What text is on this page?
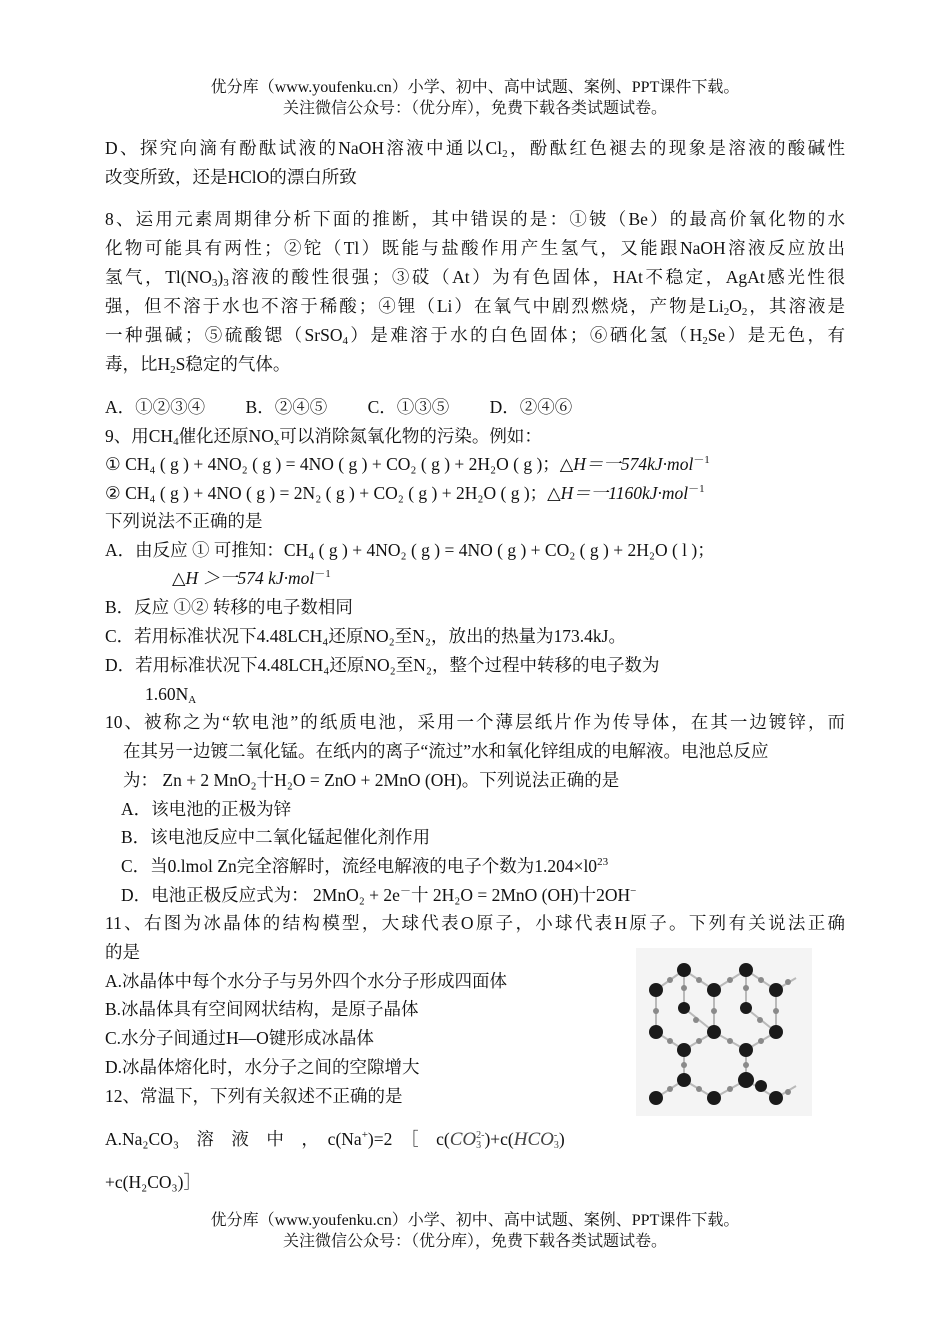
优分库（www.youfenku.cn）小学、初中、高中试题、案例、PPT课件下载。
关注微信公众号：（优分库），免费下载各类试题试卷。
D、探究向滴有酚酞试液的NaOH溶液中通以$Cl_2$，酚酞红色褪去的现象是溶液的酸碱性
改变所致，还是HClO的漂白所致
8、运用元素周期律分析下面的推断，其中错误的是：①铍（Be）的最高价氧化物的水
化物可能具有两性；②铊（Tl）既能与盐酸作用产生氢气，又能跟NaOH溶液反应放出
氢气，$Tl(NO_3)_3$溶液的酸性很强；③砹（At）为有色固体，HAt不稳定，AgAt感光性很
强，但不溶于水也不溶于稀酸；④锂（Li）在氧气中剧烈燃烧，产物是$Li_2O_2$，其溶液是
一种强碱；⑤硫酸锶（SrSO$_4$）是难溶于水的白色固体；⑥硒化氢$(H_2Se)$是无色，有
毒，比$H_2S$稳定的气体。
A．①②③④ B．②④⑤ C．①③⑤ D．②④⑥
9、用$CH_4$催化还原$NO_x$可以消除氮氧化物的污染。例如：
① CH₄ ( g ) + 4NO₂ ( g ) = 4NO ( g ) + CO₂ ( g ) + 2H₂O ( g )；△H＝一574kJ·mol$^{-1}$
② CH₄ ( g ) + 4NO ( g ) = 2N₂ ( g ) + CO₂ ( g ) + 2H₂O ( g )；△H＝一1160kJ·mol$^{-1}$
下列说法不正确的是
A．由反应 ① 可推知：CH₄ ( g ) + 4NO₂ ( g ) = 4NO ( g ) + CO₂ ( g ) + 2H₂O ( l )；
△H ＞一574 kJ·mol$^{-1}$
B．反应 ①② 转移的电子数相同
C．若用标准状况下4.48LCH₄还原NO₂至N₂，放出的热量为173.4kJ。
D．若用标准状况下4.48LCH₄还原NO₂至N₂，整个过程中转移的电子数为
$1.60N_A$
10、被称之为“软电池”的纸质电池，采用一个薄层纸片作为传导体，在其一边镀锌，而
在其另一边镀二氧化锰。在纸内的离子“流过”水和氧化锌组成的电解液。电池总反应
为： Zn + 2 MnO₂十H₂O = ZnO + 2MnO (OH)。下列说法正确的是
A．该电池的正极为锌
B．该电池反应中二氧化锰起催化剂作用
C．当0.lmol Zn完全溶解时，流经电解液的电子个数为$1.204\times l0^{23}$
D．电池正极反应式为： 2MnO₂ + 2e－十 2H₂O = 2MnO (OH)十2OH−
11、右图为冰晶体的结构模型，大球代表O原子，小球代表H原子。下列有关说法正确
的是
A.冰晶体中每个水分子与另外四个水分子形成四面体
B.冰晶体具有空间网状结构，是原子晶体
C.水分子间通过H—O键形成冰晶体
D.冰晶体熔化时，水分子之间的空隙增大
12、常温下，下列有关叙述不正确的是
A.Na₂CO₃　溶　液　中　，　c(Na+)=2　［　c(CO 2-
3 )+c(HCO -
3 )
+c(H₂CO₃)］
优分库（www.youfenku.cn）小学、初中、高中试题、案例、PPT课件下载。
关注微信公众号：（优分库），免费下载各类试题试卷。
